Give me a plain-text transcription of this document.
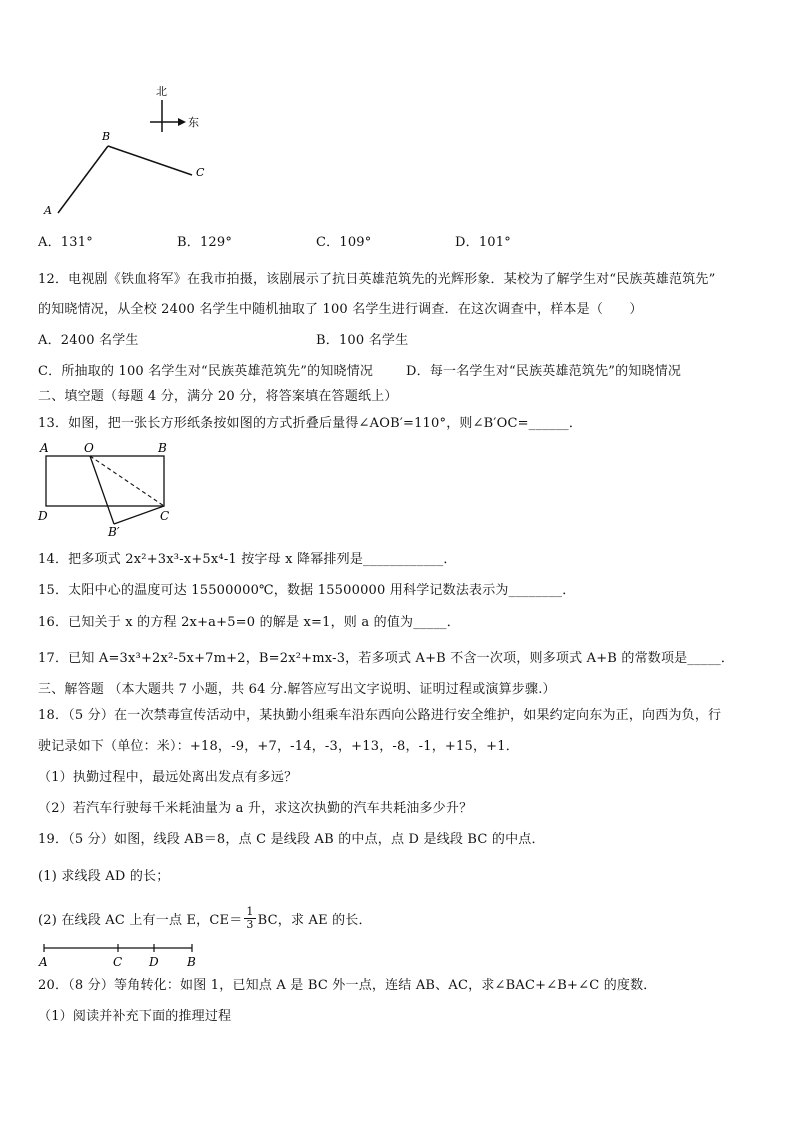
北
东
A
B
C
A．131°	B．129°	C．109°	D．101°
12．电视剧《铁血将军》在我市拍摄，该剧展示了抗日英雄范筑先的光辉形象．某校为了解学生对“民族英雄范筑先”
的知晓情况，从全校 2400 名学生中随机抽取了 100 名学生进行调查．在这次调查中，样本是（　　）
A．2400 名学生	B．100 名学生
C．所抽取的 100 名学生对“民族英雄范筑先”的知晓情况	D．每一名学生对“民族英雄范筑先”的知晓情况
二、填空题（每题 4 分，满分 20 分，将答案填在答题纸上）
13．如图，把一张长方形纸条按如图的方式折叠后量得∠AOB′=110°，则∠B′OC=______．
A	O	B
D	C
B′
14．把多项式 2x²+3x³-x+5x⁴-1 按字母 x 降幂排列是____________．
15．太阳中心的温度可达 15500000℃，数据 15500000 用科学记数法表示为________．
16．已知关于 x 的方程 2x+a+5=0 的解是 x=1，则 a 的值为_____．
17．已知 A=3x³+2x²-5x+7m+2，B=2x²+mx-3，若多项式 A+B 不含一次项，则多项式 A+B 的常数项是_____．
三、解答题 （本大题共 7 小题，共 64 分.解答应写出文字说明、证明过程或演算步骤.）
18．（5 分）在一次禁毒宣传活动中，某执勤小组乘车沿东西向公路进行安全维护，如果约定向东为正，向西为负，行
驶记录如下（单位：米）：+18，-9，+7，-14，-3，+13，-8，-1，+15，+1．
（1）执勤过程中，最远处离出发点有多远？
（2）若汽车行驶每千米耗油量为 a 升，求这次执勤的汽车共耗油多少升？
19．（5 分）如图，线段 AB＝8，点 C 是线段 AB 的中点，点 D 是线段 BC 的中点．
(1) 求线段 AD 的长；
(2) 在线段 AC 上有一点 E，$CE= \frac{1}{3}$ BC，求 AE 的长．
A	C D B
20．（8 分）等角转化：如图 1，已知点 A 是 BC 外一点，连结 AB、AC，求∠BAC+∠B+∠C 的度数．
（1）阅读并补充下面的推理过程
